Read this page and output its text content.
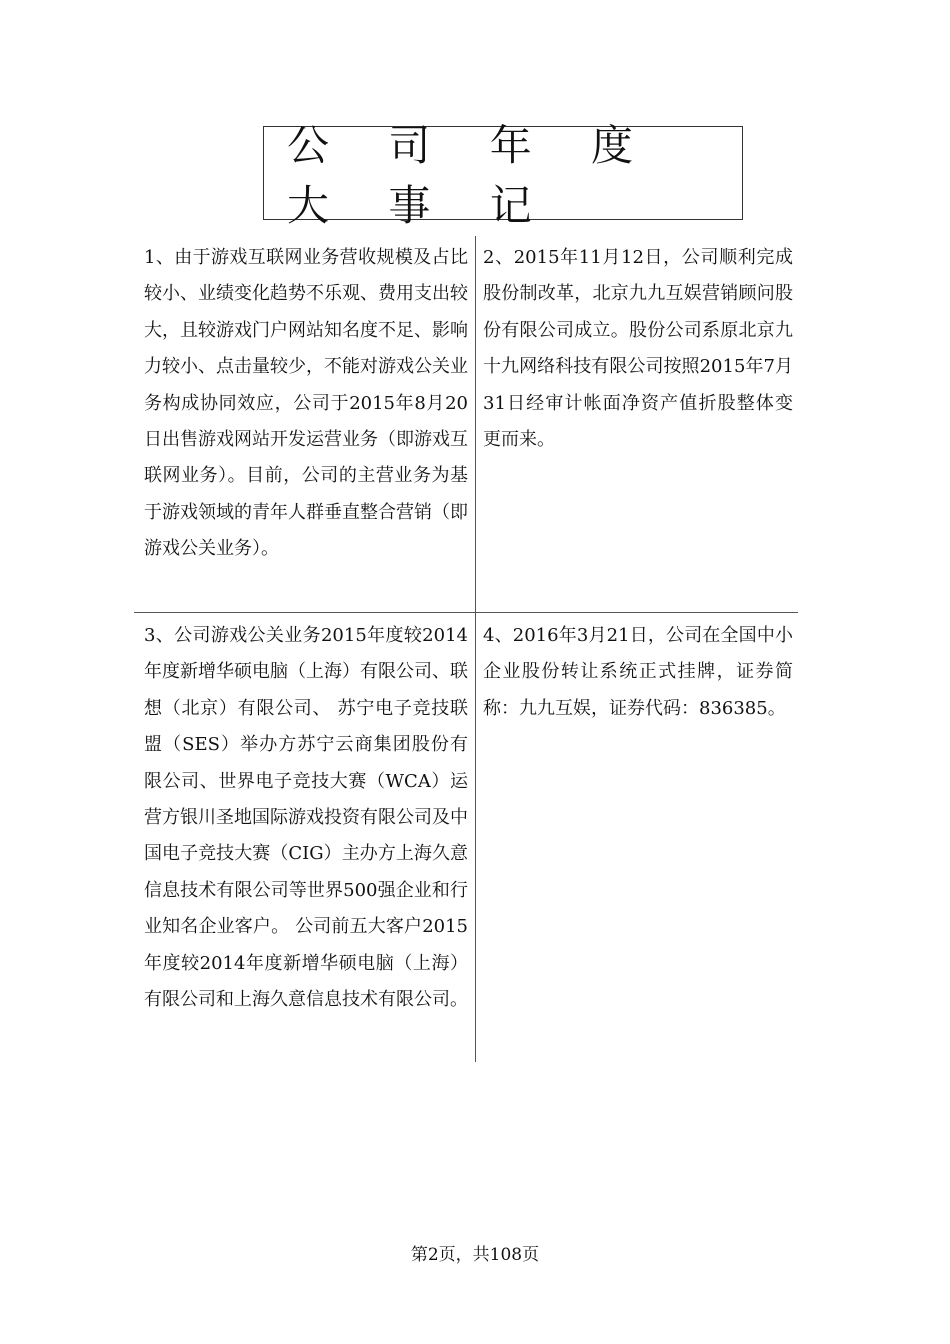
公 司 年 度 大 事 记
1、由于游戏互联网业务营收规模及占比较小、业绩变化趋势不乐观、费用支出较大，且较游戏门户网站知名度不足、影响力较小、点击量较少，不能对游戏公关业务构成协同效应，公司于2015年8月20日出售游戏网站开发运营业务（即游戏互联网业务）。目前，公司的主营业务为基于游戏领域的青年人群垂直整合营销（即游戏公关业务）。
2、2015年11月12日，公司顺利完成股份制改革，北京九九互娱营销顾问股份有限公司成立。股份公司系原北京九十九网络科技有限公司按照2015年7月31日经审计帐面净资产值折股整体变更而来。
3、公司游戏公关业务2015年度较2014年度新增华硕电脑（上海）有限公司、联想（北京）有限公司、 苏宁电子竞技联盟（SES）举办方苏宁云商集团股份有限公司、世界电子竞技大赛（WCA）运营方银川圣地国际游戏投资有限公司及中国电子竞技大赛（CIG）主办方上海久意信息技术有限公司等世界500强企业和行业知名企业客户。 公司前五大客户2015年度较2014年度新增华硕电脑（上海）有限公司和上海久意信息技术有限公司。
4、2016年3月21日，公司在全国中小企业股份转让系统正式挂牌，证券简称：九九互娱，证券代码：836385。
第2页，共108页
